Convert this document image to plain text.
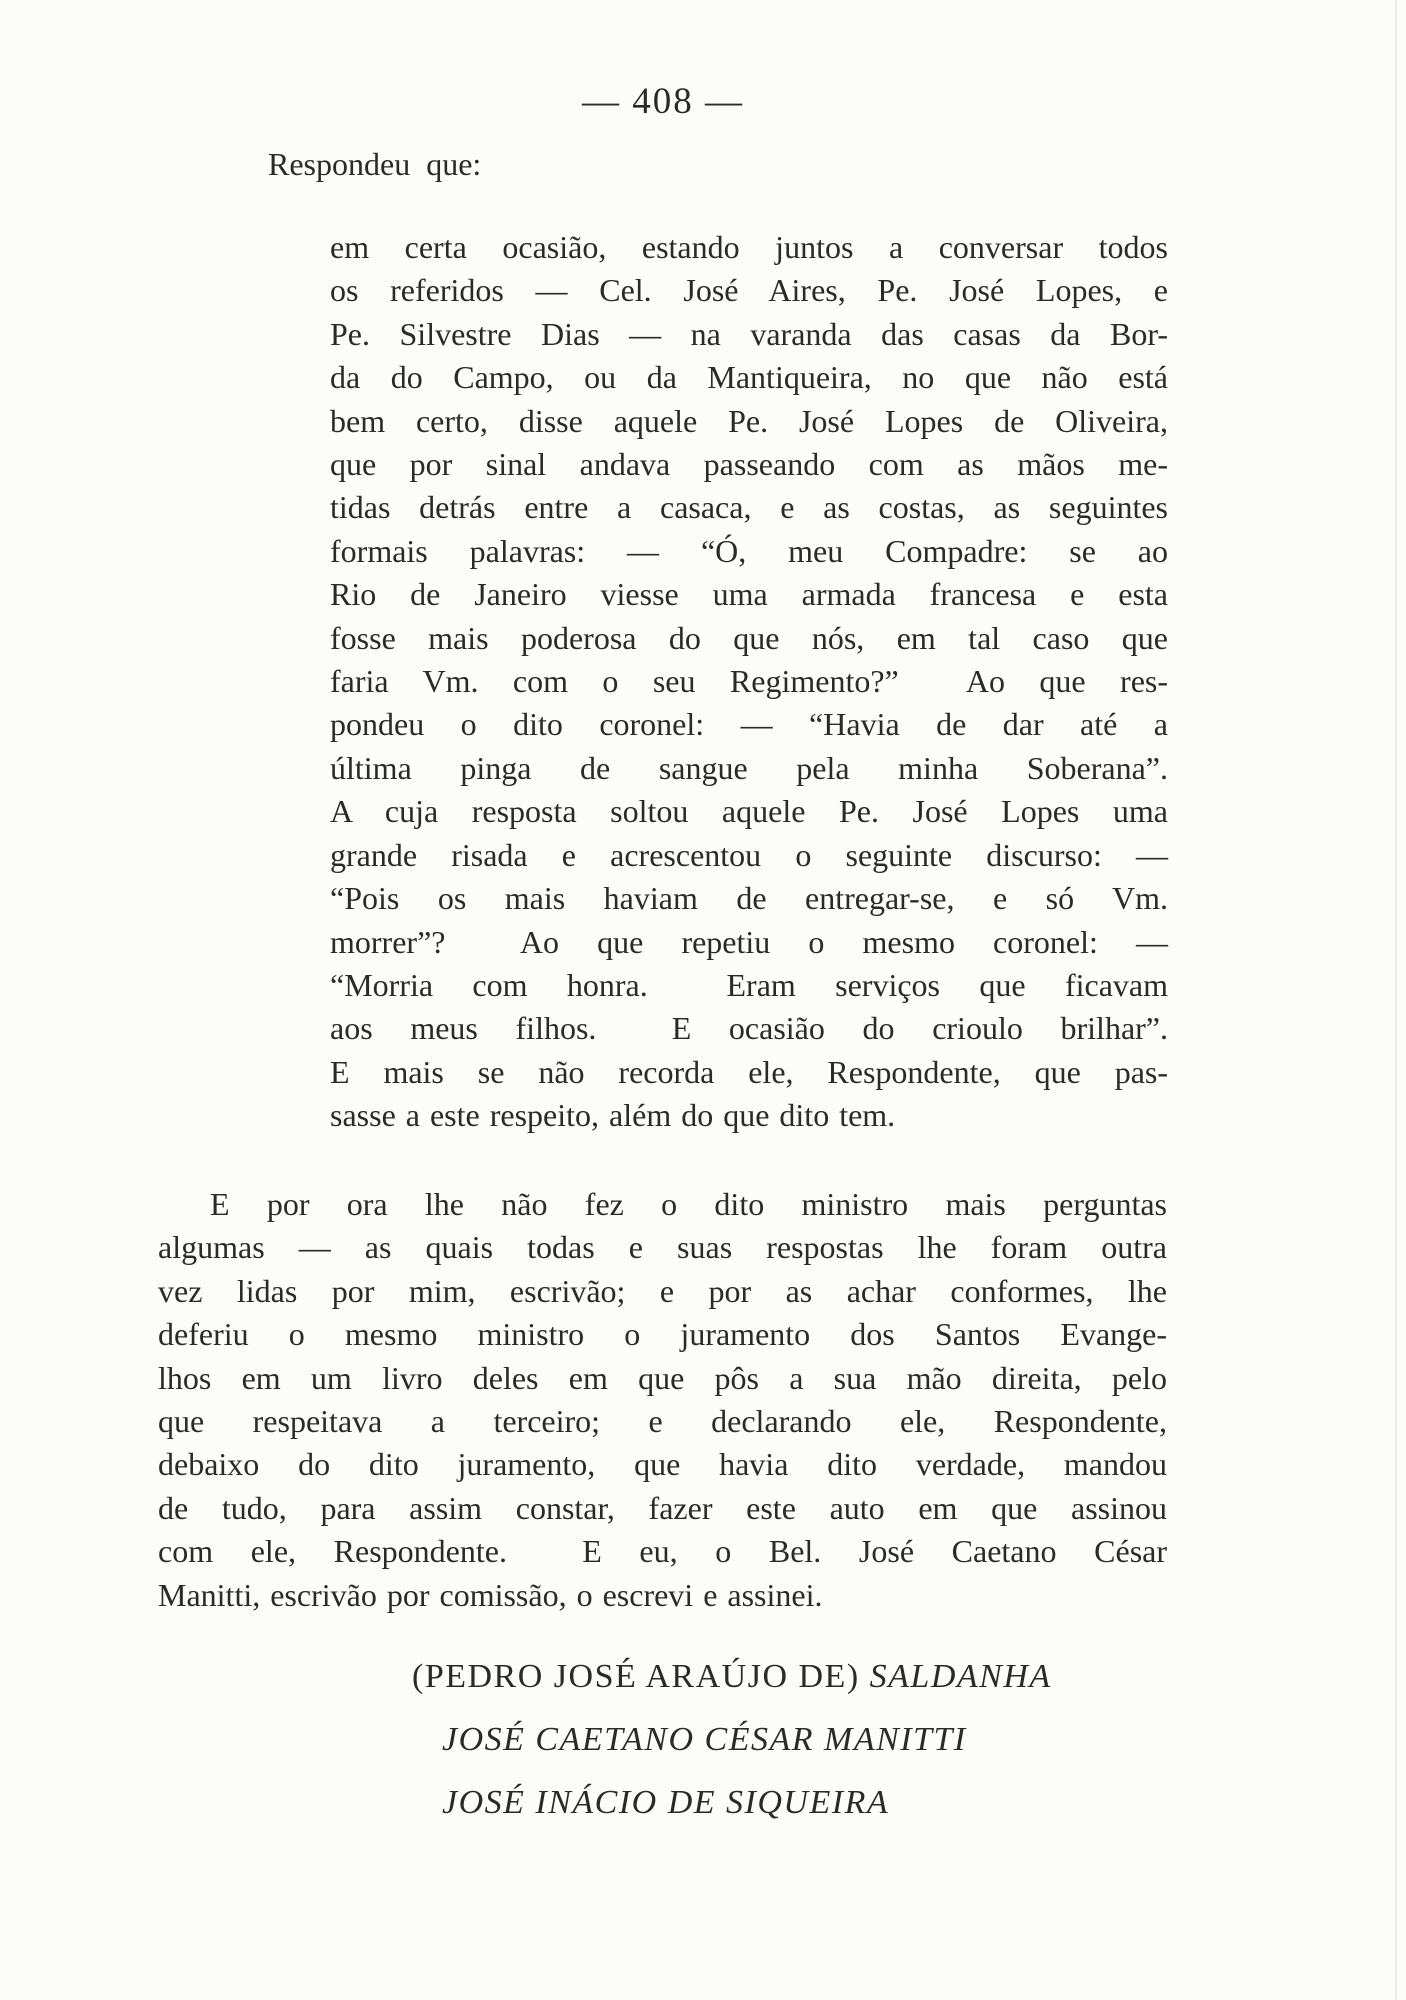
— 408 —
Respondeu que:
em certa ocasião, estando juntos a conversar todos
os referidos — Cel. José Aires, Pe. José Lopes, e
Pe. Silvestre Dias — na varanda das casas da Bor-
da do Campo, ou da Mantiqueira, no que não está
bem certo, disse aquele Pe. José Lopes de Oliveira,
que por sinal andava passeando com as mãos me-
tidas detrás entre a casaca, e as costas, as seguintes
formais palavras: — “Ó, meu Compadre: se ao
Rio de Janeiro viesse uma armada francesa e esta
fosse mais poderosa do que nós, em tal caso que
faria Vm. com o seu Regimento?”  Ao que res-
pondeu o dito coronel: — “Havia de dar até a
última pinga de sangue pela minha Soberana”.
A cuja resposta soltou aquele Pe. José Lopes uma
grande risada e acrescentou o seguinte discurso: —
“Pois os mais haviam de entregar-se, e só Vm.
morrer”?  Ao que repetiu o mesmo coronel: —
“Morria com honra.  Eram serviços que ficavam
aos meus filhos.  E ocasião do crioulo brilhar”.
E mais se não recorda ele, Respondente, que pas-
sasse a este respeito, além do que dito tem.
E por ora lhe não fez o dito ministro mais perguntas
algumas — as quais todas e suas respostas lhe foram outra
vez lidas por mim, escrivão; e por as achar conformes, lhe
deferiu o mesmo ministro o juramento dos Santos Evange-
lhos em um livro deles em que pôs a sua mão direita, pelo
que respeitava a terceiro; e declarando ele, Respondente,
debaixo do dito juramento, que havia dito verdade, mandou
de tudo, para assim constar, fazer este auto em que assinou
com ele, Respondente.  E eu, o Bel. José Caetano César
Manitti, escrivão por comissão, o escrevi e assinei.
(PEDRO JOSÉ ARAÚJO DE) SALDANHA
JOSÉ CAETANO CÉSAR MANITTI
JOSÉ INÁCIO DE SIQUEIRA
